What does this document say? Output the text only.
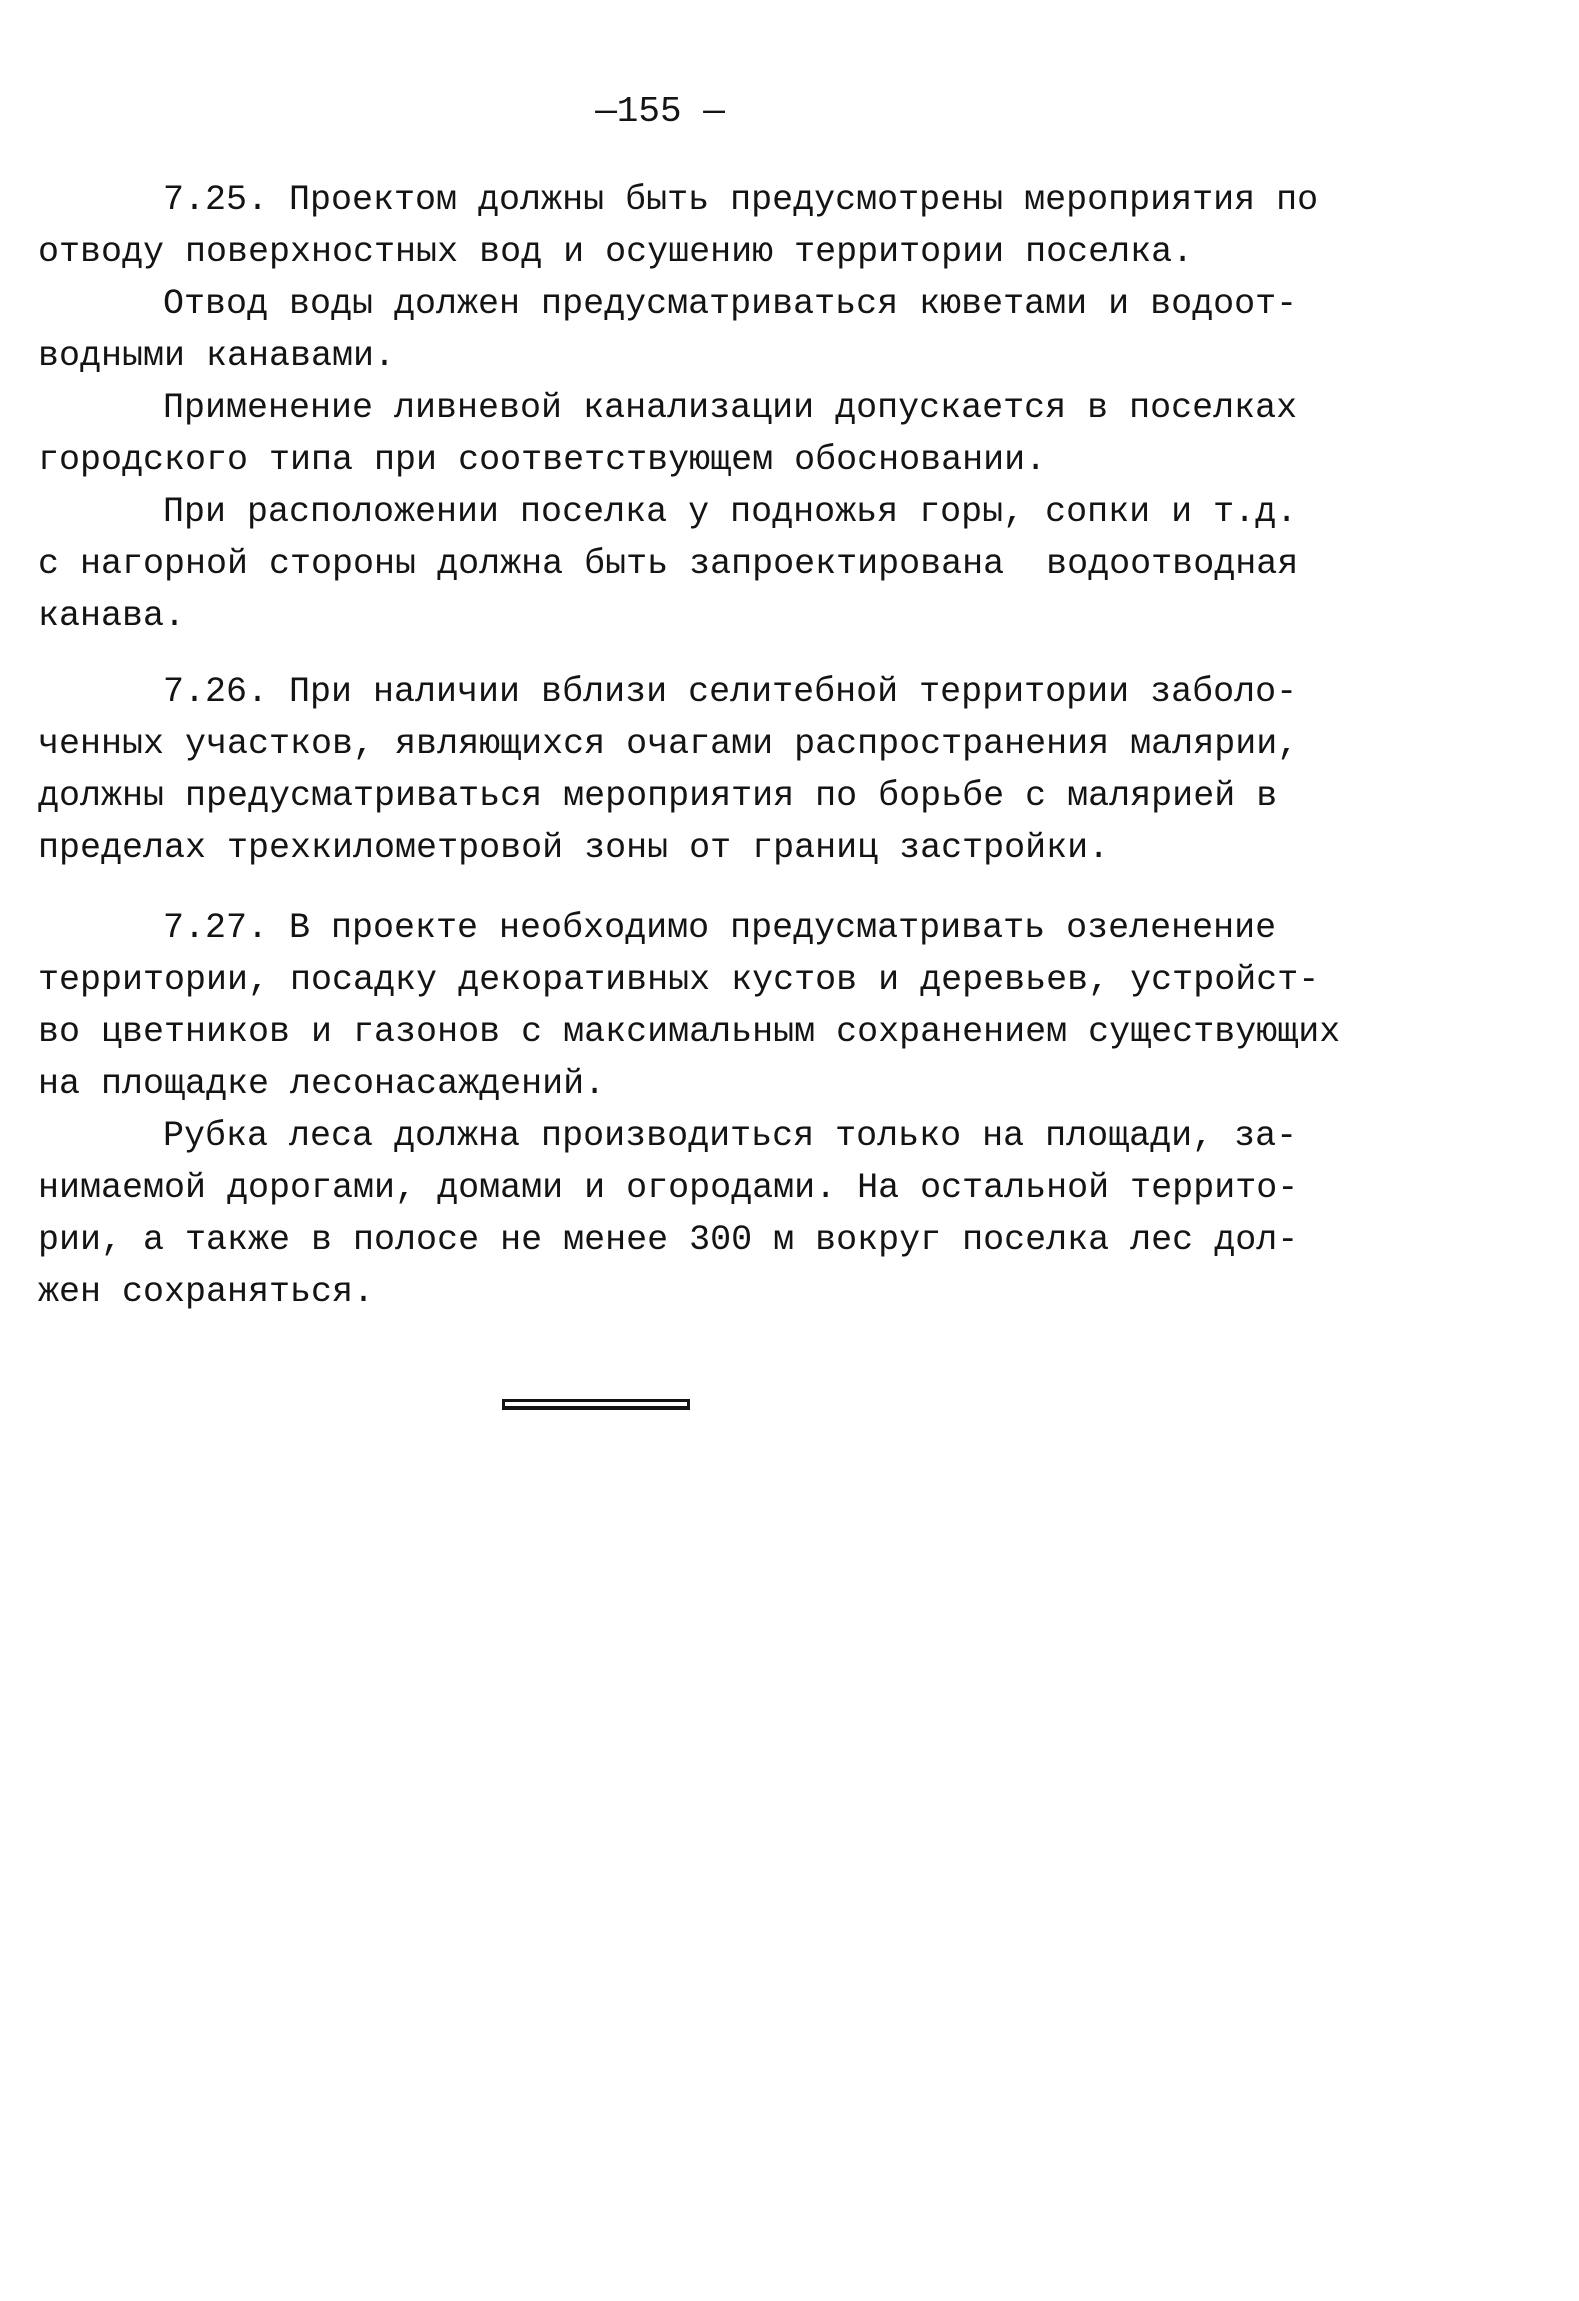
—155 —
7.25. Проектом должны быть предусмотрены мероприятия по
отводу поверхностных вод и осушению территории поселка.
Отвод воды должен предусматриваться кюветами и водоот-
водными канавами.
Применение ливневой канализации допускается в поселках
городского типа при соответствующем обосновании.
При расположении поселка у подножья горы, сопки и т.д.
с нагорной стороны должна быть запроектирована  водоотводная
канава.
7.26. При наличии вблизи селитебной территории заболо-
ченных участков, являющихся очагами распространения малярии,
должны предусматриваться мероприятия по борьбе с малярией в
пределах трехкилометровой зоны от границ застройки.
7.27. В проекте необходимо предусматривать озеленение
территории, посадку декоративных кустов и деревьев, устройст-
во цветников и газонов с максимальным сохранением существующих
на площадке лесонасаждений.
Рубка леса должна производиться только на площади, за-
нимаемой дорогами, домами и огородами. На остальной террито-
рии, а также в полосе не менее 300 м вокруг поселка лес дол-
жен сохраняться.
